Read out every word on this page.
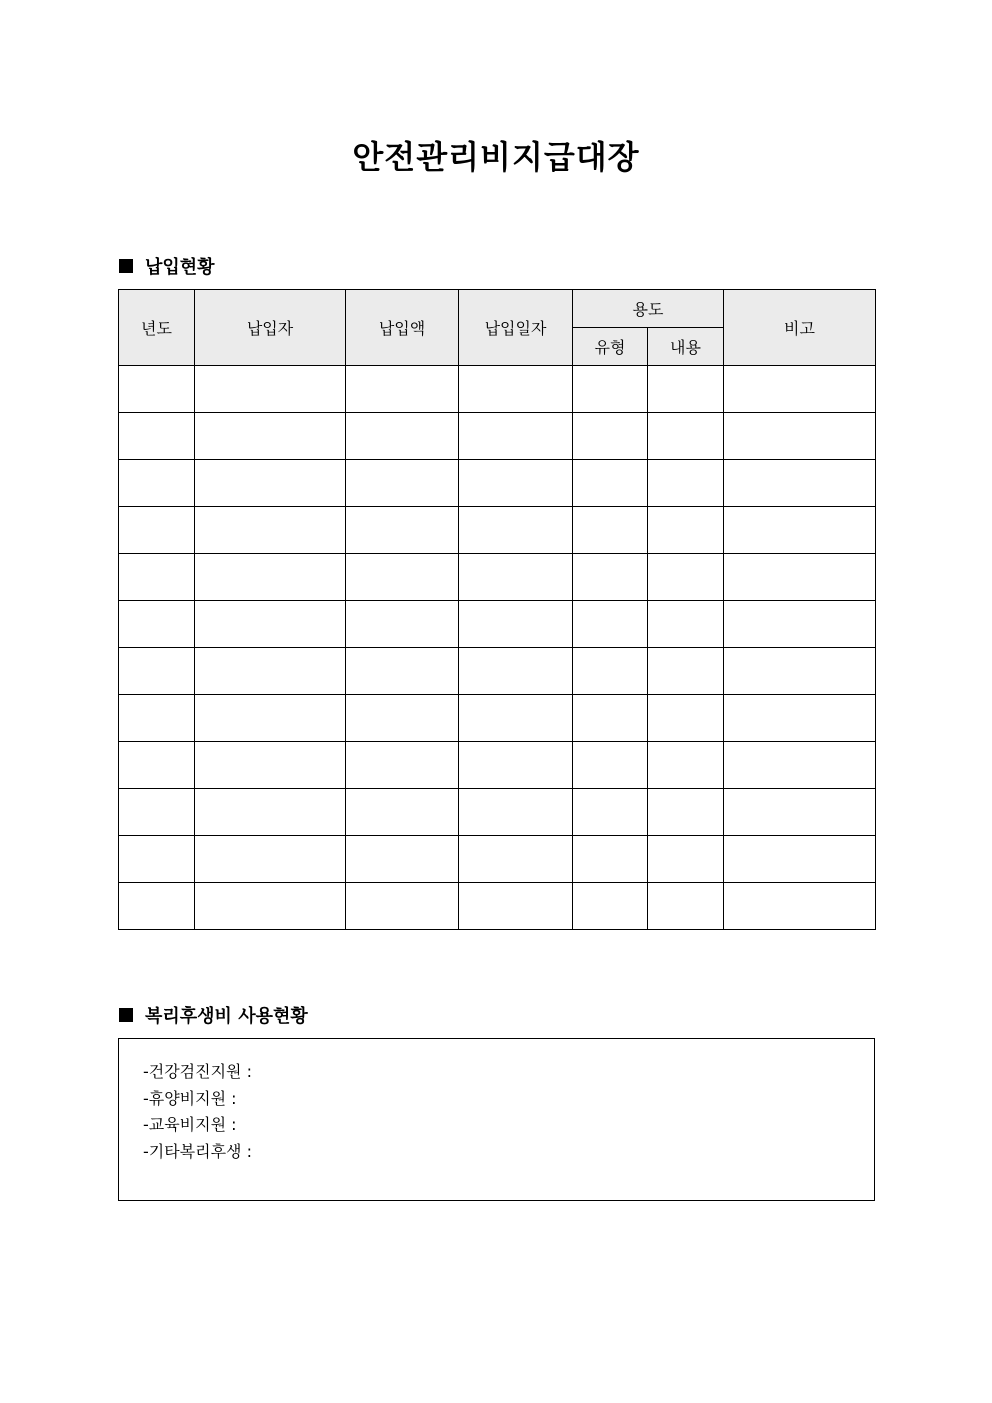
안전관리비지급대장
납입현황
년도	납입자	납입액	납입일자	용도		비고
				유형	내용	

복리후생비 사용현황
-건강검진지원 :
-휴양비지원 :
-교육비지원 :
-기타복리후생 :
